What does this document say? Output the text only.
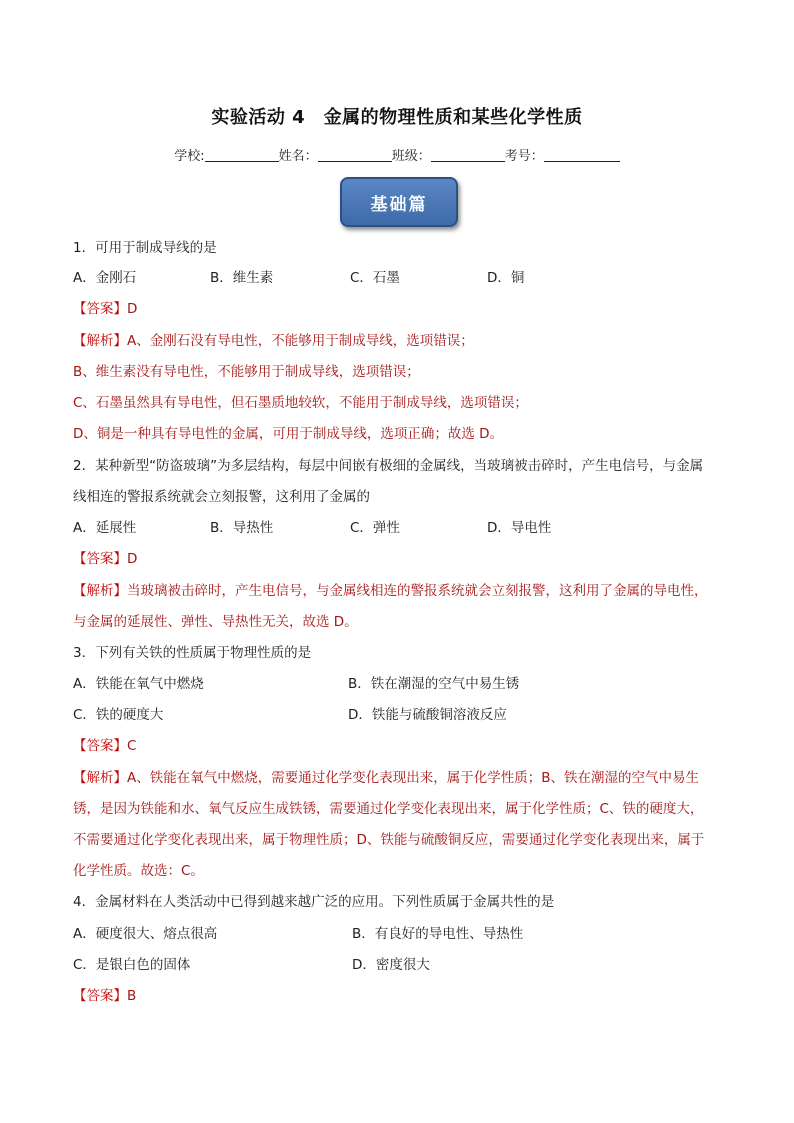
实验活动 4　金属的物理性质和某些化学性质
学校:	姓名：	班级：	考号：
基础篇
1．可用于制成导线的是
A．金刚石	B．维生素	C．石墨	D．铜
【答案】D
【解析】A、金刚石没有导电性，不能够用于制成导线，选项错误；
B、维生素没有导电性，不能够用于制成导线，选项错误；
C、石墨虽然具有导电性，但石墨质地较软，不能用于制成导线，选项错误；
D、铜是一种具有导电性的金属，可用于制成导线，选项正确；故选 D。
2．某种新型“防盗玻璃”为多层结构，每层中间嵌有极细的金属线，当玻璃被击碎时，产生电信号，与金属
线相连的警报系统就会立刻报警，这利用了金属的
A．延展性	B．导热性	C．弹性	D．导电性
【答案】D
【解析】当玻璃被击碎时，产生电信号，与金属线相连的警报系统就会立刻报警，这利用了金属的导电性，
与金属的延展性、弹性、导热性无关，故选 D。
3．下列有关铁的性质属于物理性质的是
A．铁能在氧气中燃烧	B．铁在潮湿的空气中易生锈
C．铁的硬度大	D．铁能与硫酸铜溶液反应
【答案】C
【解析】A、铁能在氧气中燃烧，需要通过化学变化表现出来，属于化学性质；B、铁在潮湿的空气中易生
锈，是因为铁能和水、氧气反应生成铁锈，需要通过化学变化表现出来，属于化学性质；C、铁的硬度大，
不需要通过化学变化表现出来，属于物理性质；D、铁能与硫酸铜反应，需要通过化学变化表现出来，属于
化学性质。故选：C。
4．金属材料在人类活动中已得到越来越广泛的应用。下列性质属于金属共性的是
A．硬度很大、熔点很高	B．有良好的导电性、导热性
C．是银白色的固体	D．密度很大
【答案】B
